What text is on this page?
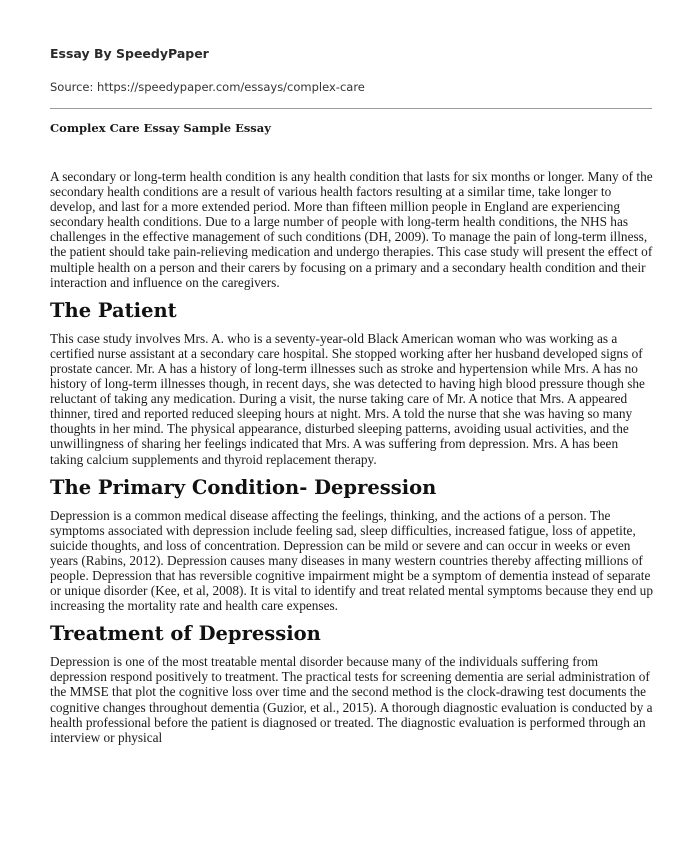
Essay By SpeedyPaper
Source: https://speedypaper.com/essays/complex-care
Complex Care Essay Sample Essay

A secondary or long-term health condition is any health condition that lasts for six months or longer. Many of the secondary health conditions are a result of various health factors resulting at a similar time, take longer to develop, and last for a more extended period. More than fifteen million people in England are experiencing secondary health conditions. Due to a large number of people with long-term health conditions, the NHS has challenges in the effective management of such conditions (DH, 2009). To manage the pain of long-term illness, the patient should take pain-relieving medication and undergo therapies. This case study will present the effect of multiple health on a person and their carers by focusing on a primary and a secondary health condition and their interaction and influence on the caregivers.

The Patient

This case study involves Mrs. A. who is a seventy-year-old Black American woman who was working as a certified nurse assistant at a secondary care hospital. She stopped working after her husband developed signs of prostate cancer. Mr. A has a history of long-term illnesses such as stroke and hypertension while Mrs. A has no history of long-term illnesses though, in recent days, she was detected to having high blood pressure though she reluctant of taking any medication. During a visit, the nurse taking care of Mr. A notice that Mrs. A appeared thinner, tired and reported reduced sleeping hours at night. Mrs. A told the nurse that she was having so many thoughts in her mind. The physical appearance, disturbed sleeping patterns, avoiding usual activities, and the unwillingness of sharing her feelings indicated that Mrs. A was suffering from depression. Mrs. A has been taking calcium supplements and thyroid replacement therapy.

The Primary Condition- Depression

Depression is a common medical disease affecting the feelings, thinking, and the actions of a person. The symptoms associated with depression include feeling sad, sleep difficulties, increased fatigue, loss of appetite, suicide thoughts, and loss of concentration. Depression can be mild or severe and can occur in weeks or even years (Rabins, 2012). Depression causes many diseases in many western countries thereby affecting millions of people. Depression that has reversible cognitive impairment might be a symptom of dementia instead of separate or unique disorder (Kee, et al, 2008). It is vital to identify and treat related mental symptoms because they end up increasing the mortality rate and health care expenses.

Treatment of Depression

Depression is one of the most treatable mental disorder because many of the individuals suffering from depression respond positively to treatment. The practical tests for screening dementia are serial administration of the MMSE that plot the cognitive loss over time and the second method is the clock-drawing test documents the cognitive changes throughout dementia (Guzior, et al., 2015). A thorough diagnostic evaluation is conducted by a health professional before the patient is diagnosed or treated. The diagnostic evaluation is performed through an interview or physical
